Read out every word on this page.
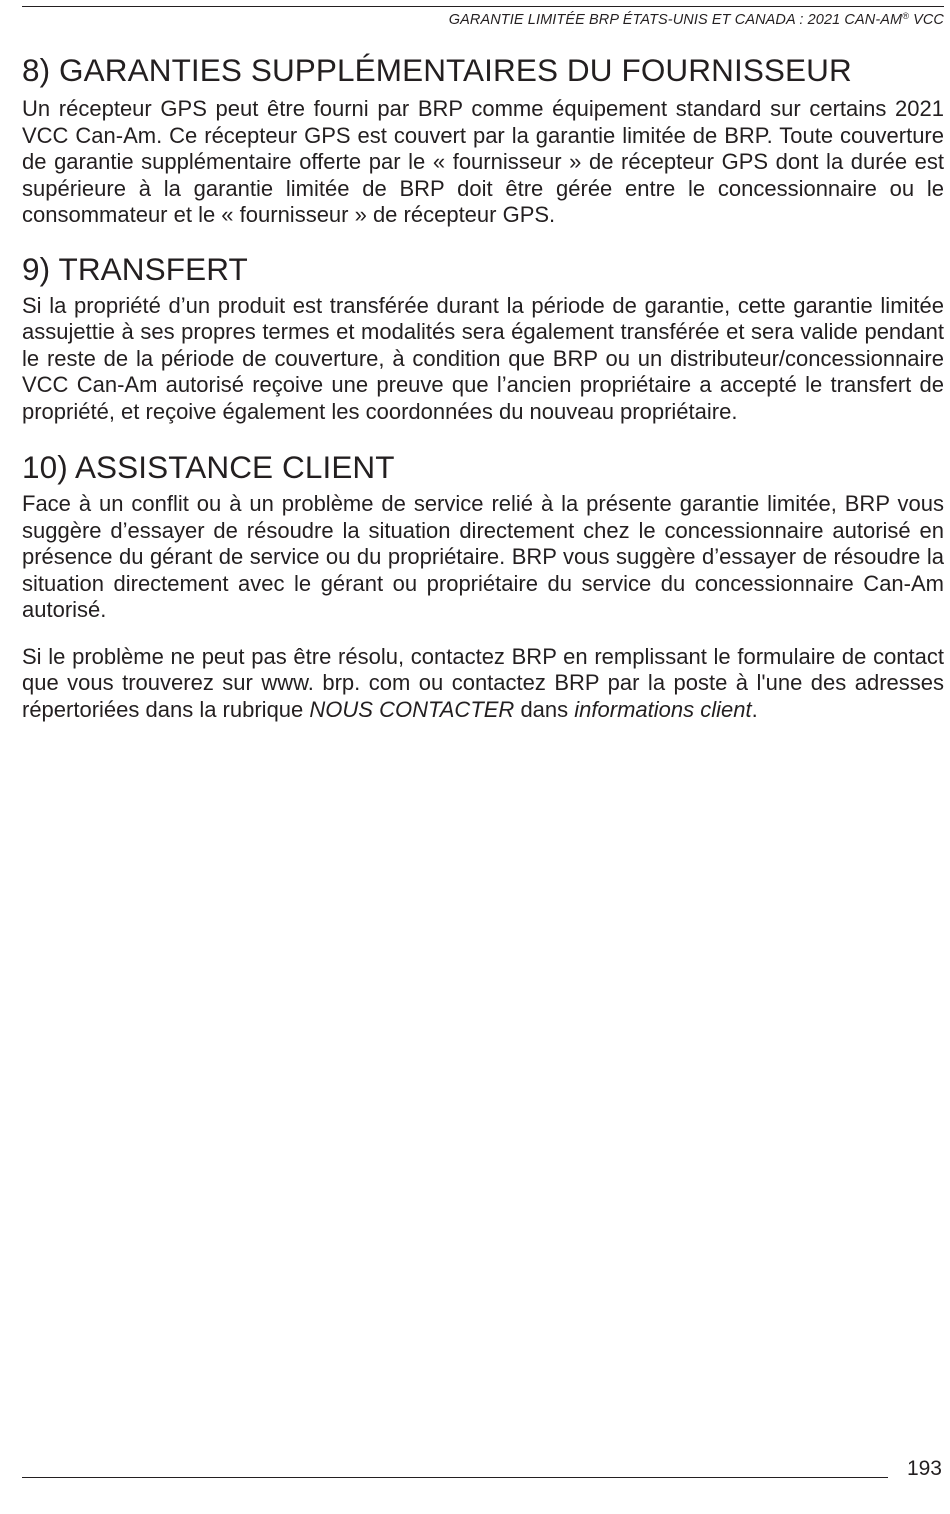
GARANTIE LIMITÉE BRP ÉTATS-UNIS ET CANADA : 2021 CAN-AM® VCC
8) GARANTIES SUPPLÉMENTAIRES DU FOURNISSEUR

Un récepteur GPS peut être fourni par BRP comme équipement standard sur certains 2021 VCC Can-Am. Ce récepteur GPS est couvert par la garantie limitée de BRP. Toute couverture de garantie supplémentaire offerte par le « fournisseur » de récepteur GPS dont la durée est supérieure à la garantie limitée de BRP doit être gérée entre le concessionnaire ou le consommateur et le « fournisseur » de récepteur GPS.

9) TRANSFERT

Si la propriété d’un produit est transférée durant la période de garantie, cette garantie limitée assujettie à ses propres termes et modalités sera également transférée et sera valide pendant le reste de la période de couverture, à condition que BRP ou un distributeur/concessionnaire VCC Can-Am autorisé reçoive une preuve que l’ancien propriétaire a accepté le transfert de propriété, et reçoive également les coordonnées du nouveau propriétaire.

10) ASSISTANCE CLIENT

Face à un conflit ou à un problème de service relié à la présente garantie limitée, BRP vous suggère d’essayer de résoudre la situation directement chez le concessionnaire autorisé en présence du gérant de service ou du propriétaire. BRP vous suggère d’essayer de résoudre la situation directement avec le gérant ou propriétaire du service du concessionnaire Can-Am autorisé.

Si le problème ne peut pas être résolu, contactez BRP en remplissant le formulaire de contact que vous trouverez sur www. brp. com ou contactez BRP par la poste à l'une des adresses répertoriées dans la rubrique NOUS CONTACTER dans informations client.

193
